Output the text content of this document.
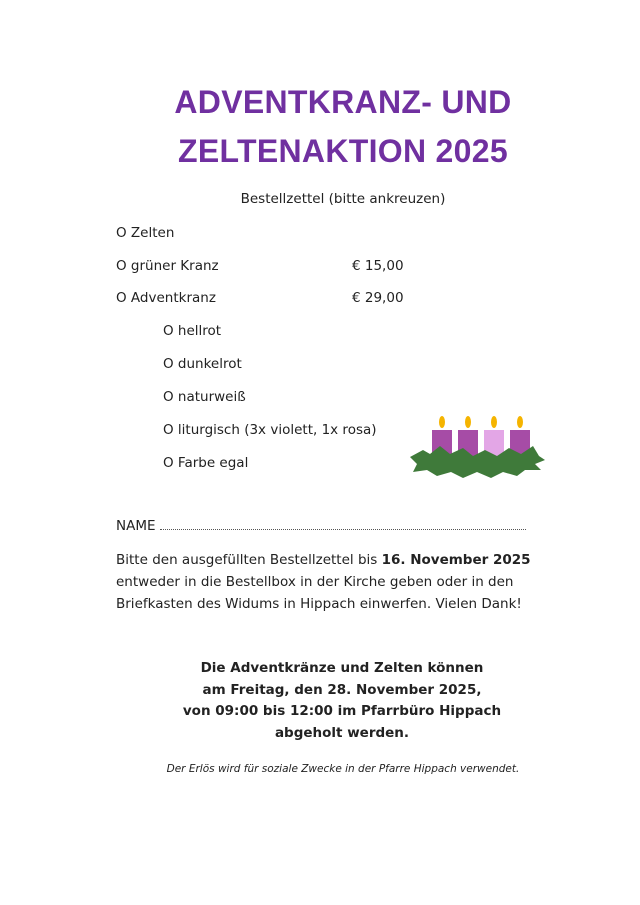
ADVENTKRANZ- UND
ZELTENAKTION 2025
Bestellzettel (bitte ankreuzen)
O Zelten
O grüner Kranz	€ 15,00
O Adventkranz	€ 29,00
O hellrot
O dunkelrot
O naturweiß
O liturgisch (3x violett, 1x rosa)
O Farbe egal
NAME
Bitte den ausgefüllten Bestellzettel bis 16. November 2025 entweder in die Bestellbox in der Kirche geben oder in den Briefkasten des Widums in Hippach einwerfen. Vielen Dank!
Die Adventkränze und Zelten können
am Freitag, den 28. November 2025,
von 09:00 bis 12:00 im Pfarrbüro Hippach
abgeholt werden.
Der Erlös wird für soziale Zwecke in der Pfarre Hippach verwendet.
